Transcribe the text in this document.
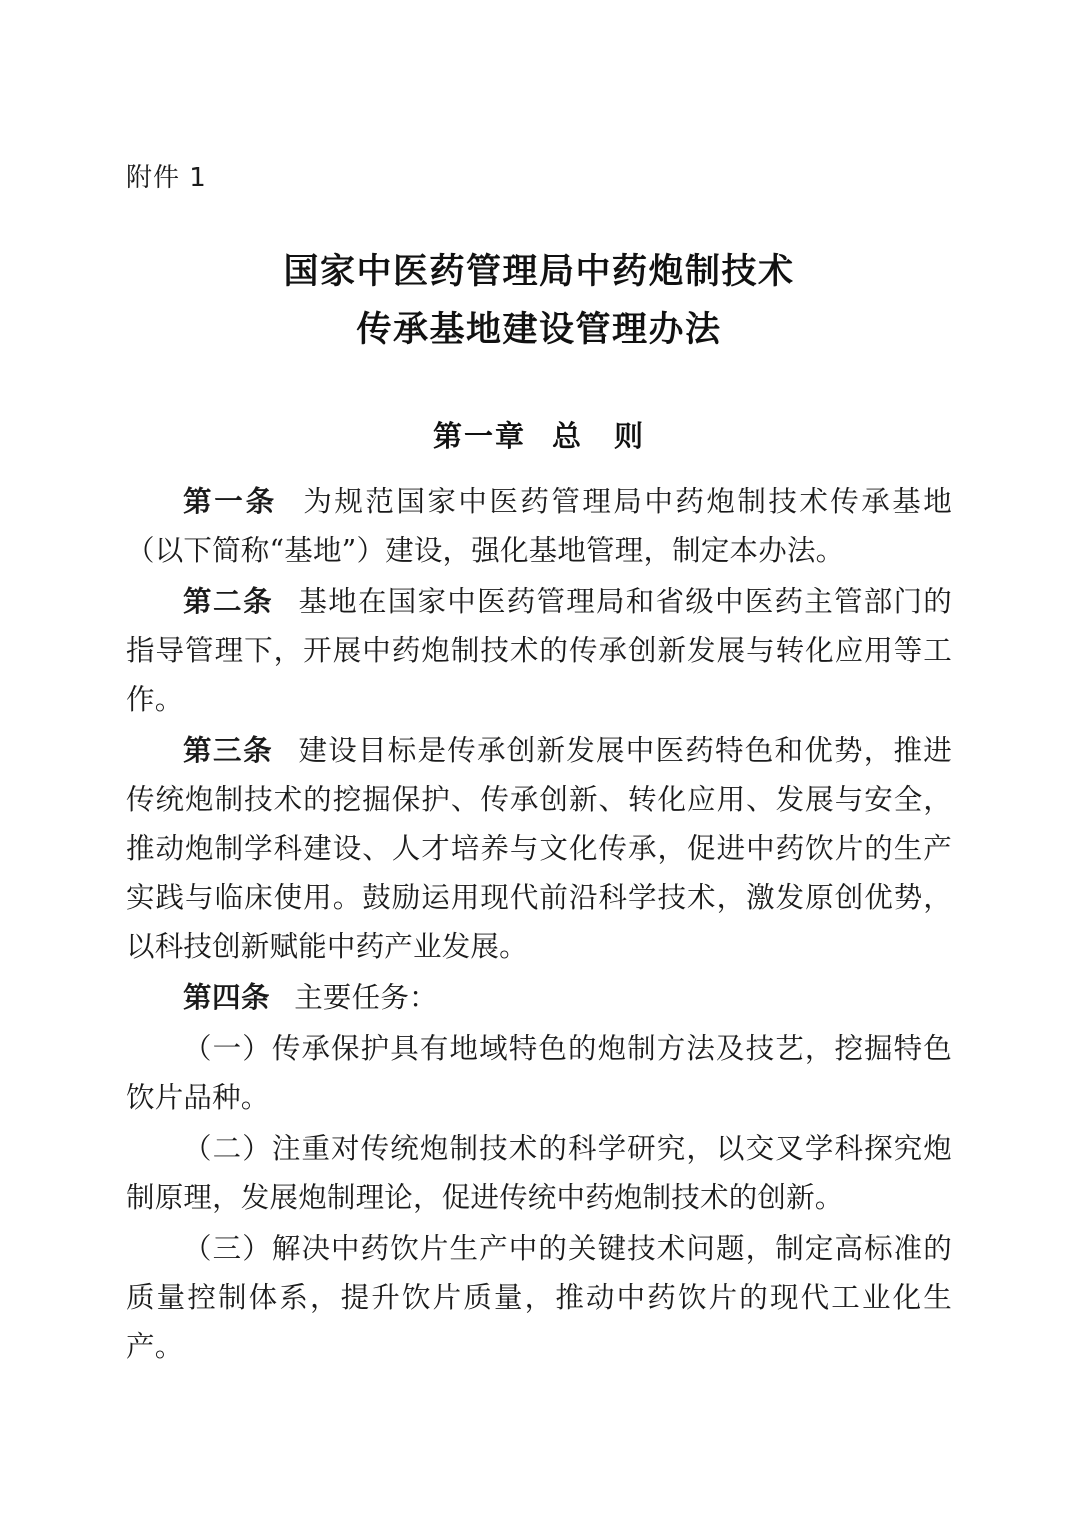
附件 1
国家中医药管理局中药炮制技术
传承基地建设管理办法
第一章 总　则

第一条 为规范国家中医药管理局中药炮制技术传承基地（以下简称“基地”）建设，强化基地管理，制定本办法。

第二条 基地在国家中医药管理局和省级中医药主管部门的指导管理下，开展中药炮制技术的传承创新发展与转化应用等工作。

第三条 建设目标是传承创新发展中医药特色和优势，推进传统炮制技术的挖掘保护、传承创新、转化应用、发展与安全，推动炮制学科建设、人才培养与文化传承，促进中药饮片的生产实践与临床使用。鼓励运用现代前沿科学技术，激发原创优势，以科技创新赋能中药产业发展。

第四条 主要任务：

（一）传承保护具有地域特色的炮制方法及技艺，挖掘特色饮片品种。

（二）注重对传统炮制技术的科学研究，以交叉学科探究炮制原理，发展炮制理论，促进传统中药炮制技术的创新。

（三）解决中药饮片生产中的关键技术问题，制定高标准的质量控制体系，提升饮片质量，推动中药饮片的现代工业化生产。
